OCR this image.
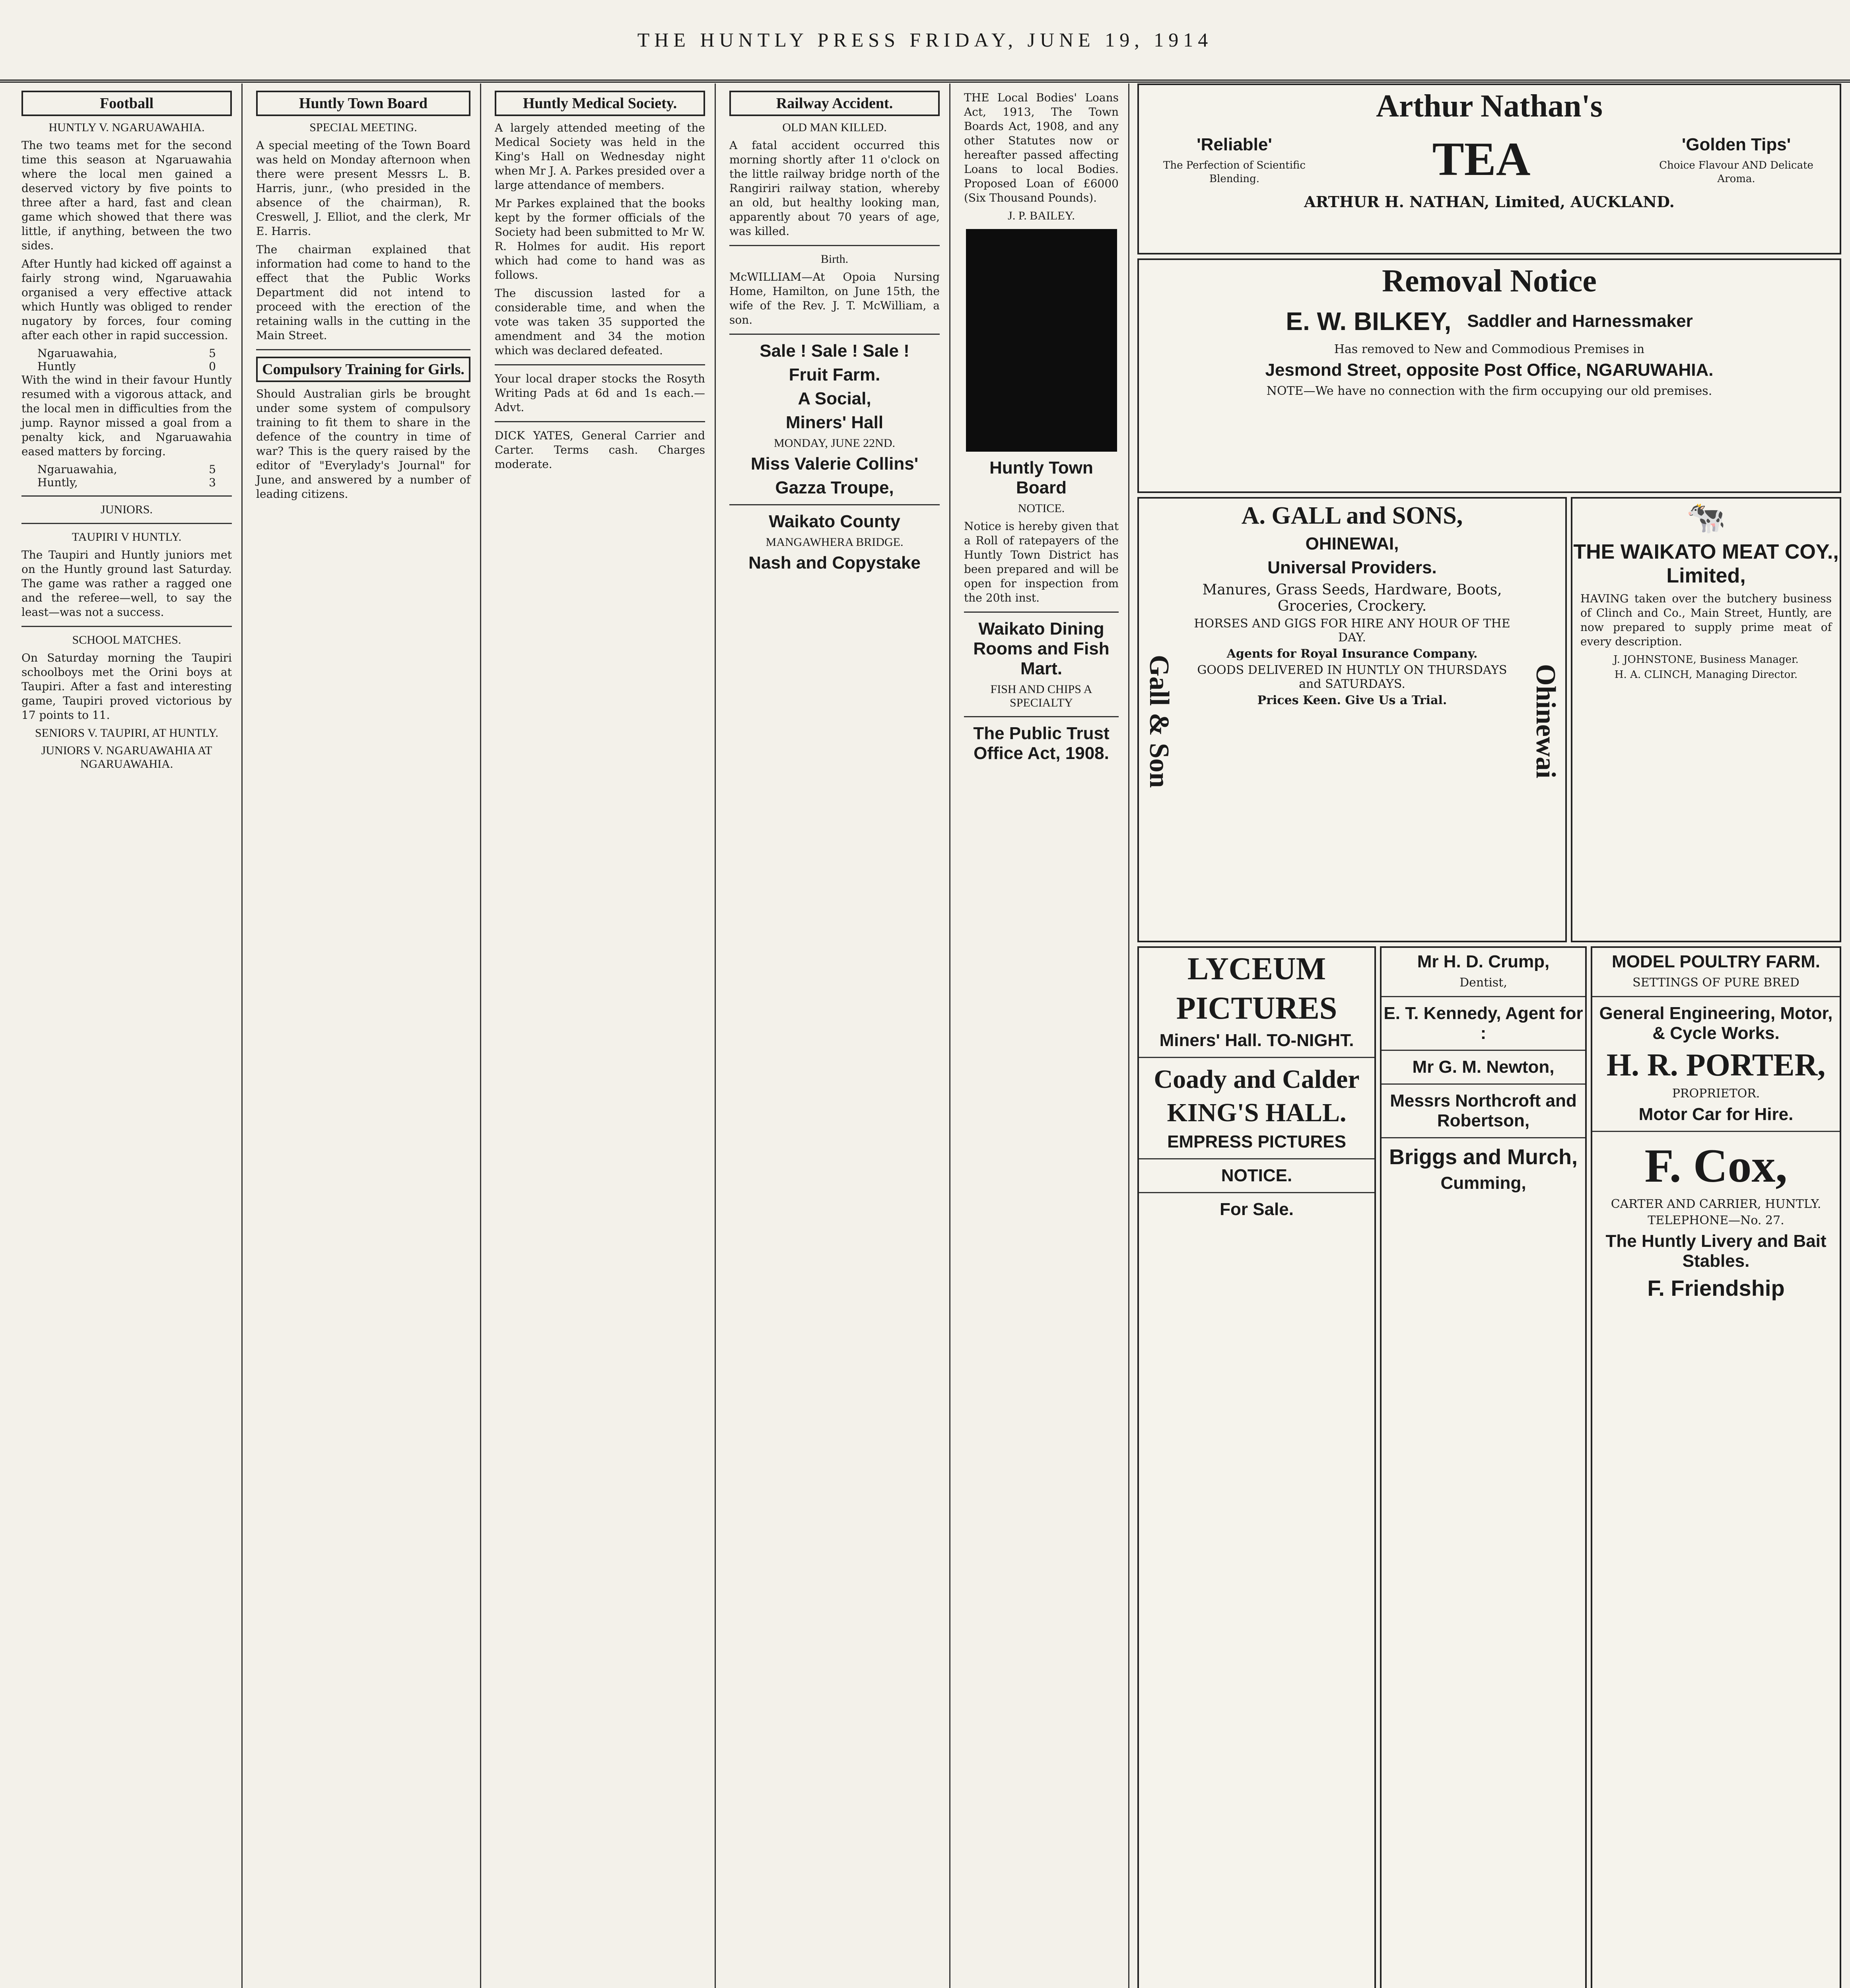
THE HUNTLY PRESS FRIDAY, JUNE 19, 1914
Football
HUNTLY V. NGARUAWAHIA.

The two teams met for the second time this season at Ngaruawahia where the local men gained a deserved victory by five points to three after a hard, fast and clean game which showed that there was little, if anything, between the two sides.

After Huntly had kicked off against a fairly strong wind, Ngaruawahia organised a very effective attack which Huntly was obliged to render nugatory by forces, four coming after each other in rapid succession.

Ngaruawahia,	5
Huntly	0

With the wind in their favour Huntly resumed with a vigorous attack, and the local men in difficulties from the jump. Raynor missed a goal from a penalty kick, and Ngaruawahia eased matters by forcing.

Ngaruawahia,	5
Huntly,	3
JUNIORS.
TAUPIRI V HUNTLY.

The Taupiri and Huntly juniors met on the Huntly ground last Saturday. The game was rather a ragged one and the referee—well, to say the least—was not a success.

SCHOOL MATCHES.

On Saturday morning the Taupiri schoolboys met the Orini boys at Taupiri. After a fast and interesting game, Taupiri proved victorious by 17 points to 11.

SENIORS V. TAUPIRI, AT HUNTLY.
JUNIORS V. NGARUAWAHIA AT NGARUAWAHIA.
Huntly Town Board
SPECIAL MEETING.

A special meeting of the Town Board was held on Monday afternoon when there were present Messrs L. B. Harris, junr., (who presided in the absence of the chairman), R. Creswell, J. Elliot, and the clerk, Mr E. Harris.

The chairman explained that information had come to hand to the effect that the Public Works Department did not intend to proceed with the erection of the retaining walls in the cutting in the Main Street.

Compulsory Training for Girls.

Should Australian girls be brought under some system of compulsory training to fit them to share in the defence of the country in time of war? This is the query raised by the editor of "Everylady's Journal" for June, and answered by a number of leading citizens.

Huntly Medical Society.

A largely attended meeting of the Medical Society was held in the King's Hall on Wednesday night when Mr J. A. Parkes presided over a large attendance of members.

Mr Parkes explained that the books kept by the former officials of the Society had been submitted to Mr W. R. Holmes for audit. His report which had come to hand was as follows.

The discussion lasted for a considerable time, and when the vote was taken 35 supported the amendment and 34 the motion which was declared defeated.

Your local draper stocks the Rosyth Writing Pads at 6d and 1s each.—Advt.

DICK YATES, General Carrier and Carter. Terms cash. Charges moderate.

Railway Accident.
OLD MAN KILLED.

A fatal accident occurred this morning shortly after 11 o'clock on the little railway bridge north of the Rangiriri railway station, whereby an old, but healthy looking man, apparently about 70 years of age, was killed.

Birth.

McWILLIAM—At Opoia Nursing Home, Hamilton, on June 15th, the wife of the Rev. J. T. McWilliam, a son.

Sale ! Sale ! Sale !
Fruit Farm.
A Social,
Miners' Hall
MONDAY, JUNE 22ND.
Miss Valerie Collins'
Gazza Troupe,
Waikato County
MANGAWHERA BRIDGE.
Nash and Copystake

THE Local Bodies' Loans Act, 1913, The Town Boards Act, 1908, and any other Statutes now or hereafter passed affecting Loans to local Bodies. Proposed Loan of £6000 (Six Thousand Pounds).

J. P. BAILEY.
Huntly Town Board
NOTICE.

Notice is hereby given that a Roll of ratepayers of the Huntly Town District has been prepared and will be open for inspection from the 20th inst.

Waikato Dining Rooms and Fish Mart.
FISH AND CHIPS A SPECIALTY
The Public Trust Office Act, 1908.
Arthur Nathan's
'Reliable'
The Perfection of Scientific Blending.	TEA	'Golden Tips'
Choice Flavour AND Delicate Aroma.
ARTHUR H. NATHAN, Limited, AUCKLAND.
Removal Notice
E. W. BILKEY, Saddler and Harnessmaker
Has removed to New and Commodious Premises in
Jesmond Street, opposite Post Office, NGARUWAHIA.
NOTE—We have no connection with the firm occupying our old premises.
Gall & Son	Ohinewai
A. GALL and SONS,
OHINEWAI,
Universal Providers.
Manures, Grass Seeds, Hardware, Boots, Groceries, Crockery.
HORSES AND GIGS FOR HIRE ANY HOUR OF THE DAY.
Agents for Royal Insurance Company.
GOODS DELIVERED IN HUNTLY ON THURSDAYS and SATURDAYS.
Prices Keen. Give Us a Trial.
🐄
THE WAIKATO MEAT COY., Limited,

HAVING taken over the butchery business of Clinch and Co., Main Street, Huntly, are now prepared to supply prime meat of every description.

J. JOHNSTONE, Business Manager.
H. A. CLINCH, Managing Director.
LYCEUM
PICTURES
Miners' Hall. TO-NIGHT.
Coady and Calder
KING'S HALL.
EMPRESS PICTURES
NOTICE.
For Sale.
Mr H. D. Crump,
Dentist,
E. T. Kennedy, Agent for :
Mr G. M. Newton,
Messrs Northcroft and Robertson,
Briggs and Murch,
Cumming,
MODEL POULTRY FARM.
SETTINGS OF PURE BRED
General Engineering, Motor, & Cycle Works.
H. R. PORTER,
PROPRIETOR.
Motor Car for Hire.
F. Cox,
CARTER AND CARRIER, HUNTLY.
TELEPHONE—No. 27.
The Huntly Livery and Bait Stables.
F. Friendship
